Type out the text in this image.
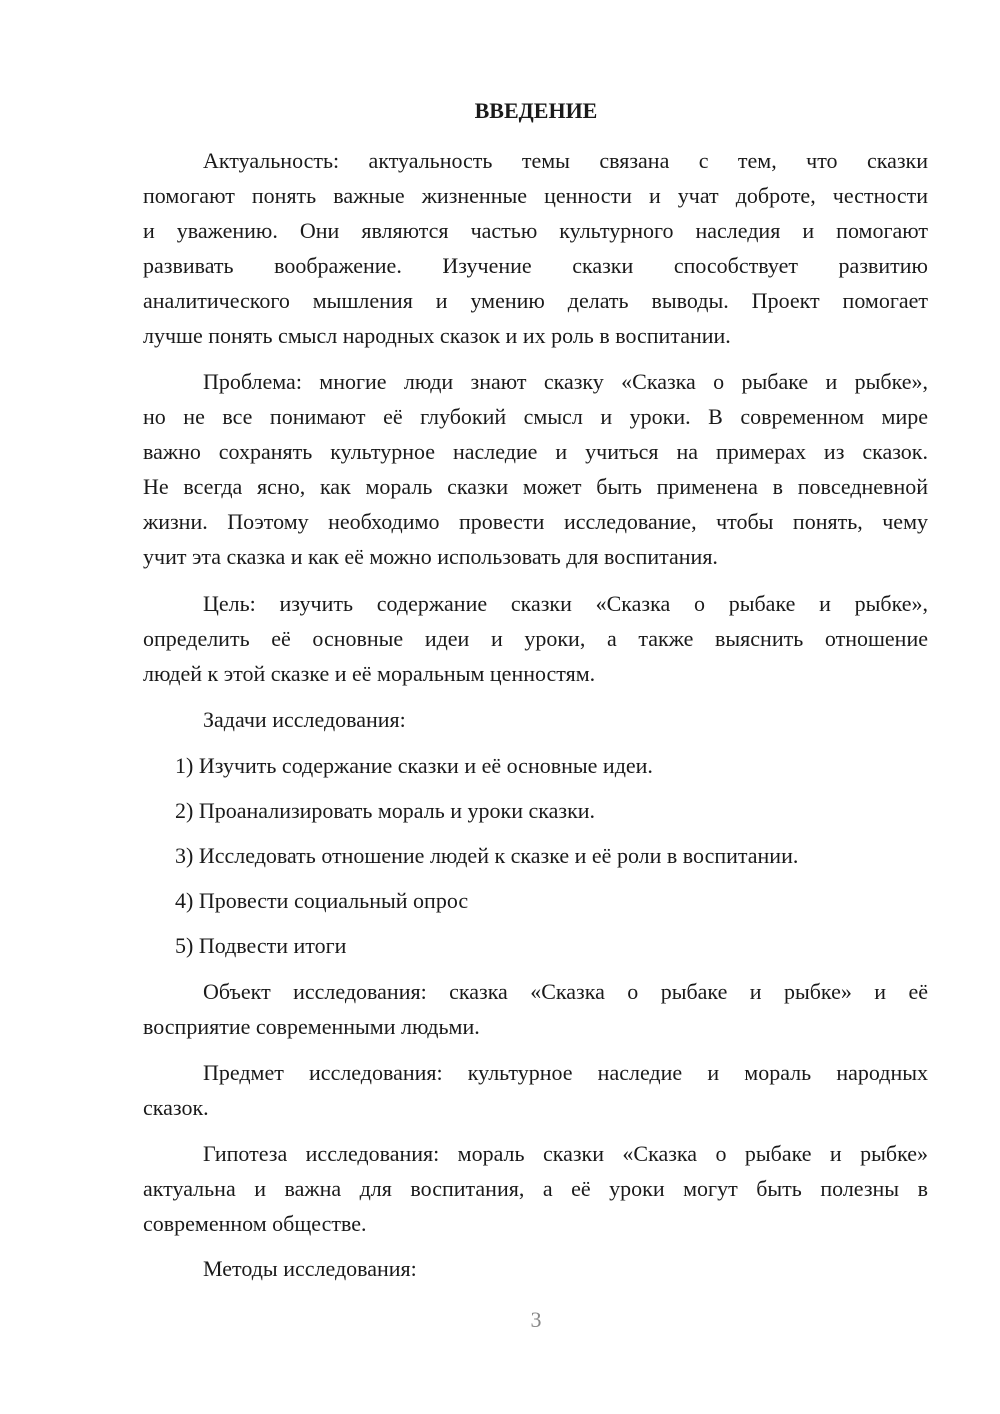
ВВЕДЕНИЕ
Актуальность: актуальность темы связана с тем, что сказки
помогают понять важные жизненные ценности и учат доброте, честности
и уважению. Они являются частью культурного наследия и помогают
развивать воображение. Изучение сказки способствует развитию
аналитического мышления и умению делать выводы. Проект помогает
лучше понять смысл народных сказок и их роль в воспитании.
Проблема: многие люди знают сказку «Сказка о рыбаке и рыбке»,
но не все понимают её глубокий смысл и уроки. В современном мире
важно сохранять культурное наследие и учиться на примерах из сказок.
Не всегда ясно, как мораль сказки может быть применена в повседневной
жизни. Поэтому необходимо провести исследование, чтобы понять, чему
учит эта сказка и как её можно использовать для воспитания.
Цель: изучить содержание сказки «Сказка о рыбаке и рыбке»,
определить её основные идеи и уроки, а также выяснить отношение
людей к этой сказке и её моральным ценностям.
Задачи исследования:
1) Изучить содержание сказки и её основные идеи.
2) Проанализировать мораль и уроки сказки.
3) Исследовать отношение людей к сказке и её роли в воспитании.
4) Провести социальный опрос
5) Подвести итоги
Объект исследования: сказка «Сказка о рыбаке и рыбке» и её
восприятие современными людьми.
Предмет исследования: культурное наследие и мораль народных
сказок.
Гипотеза исследования: мораль сказки «Сказка о рыбаке и рыбке»
актуальна и важна для воспитания, а её уроки могут быть полезны в
современном обществе.
Методы исследования:
3
